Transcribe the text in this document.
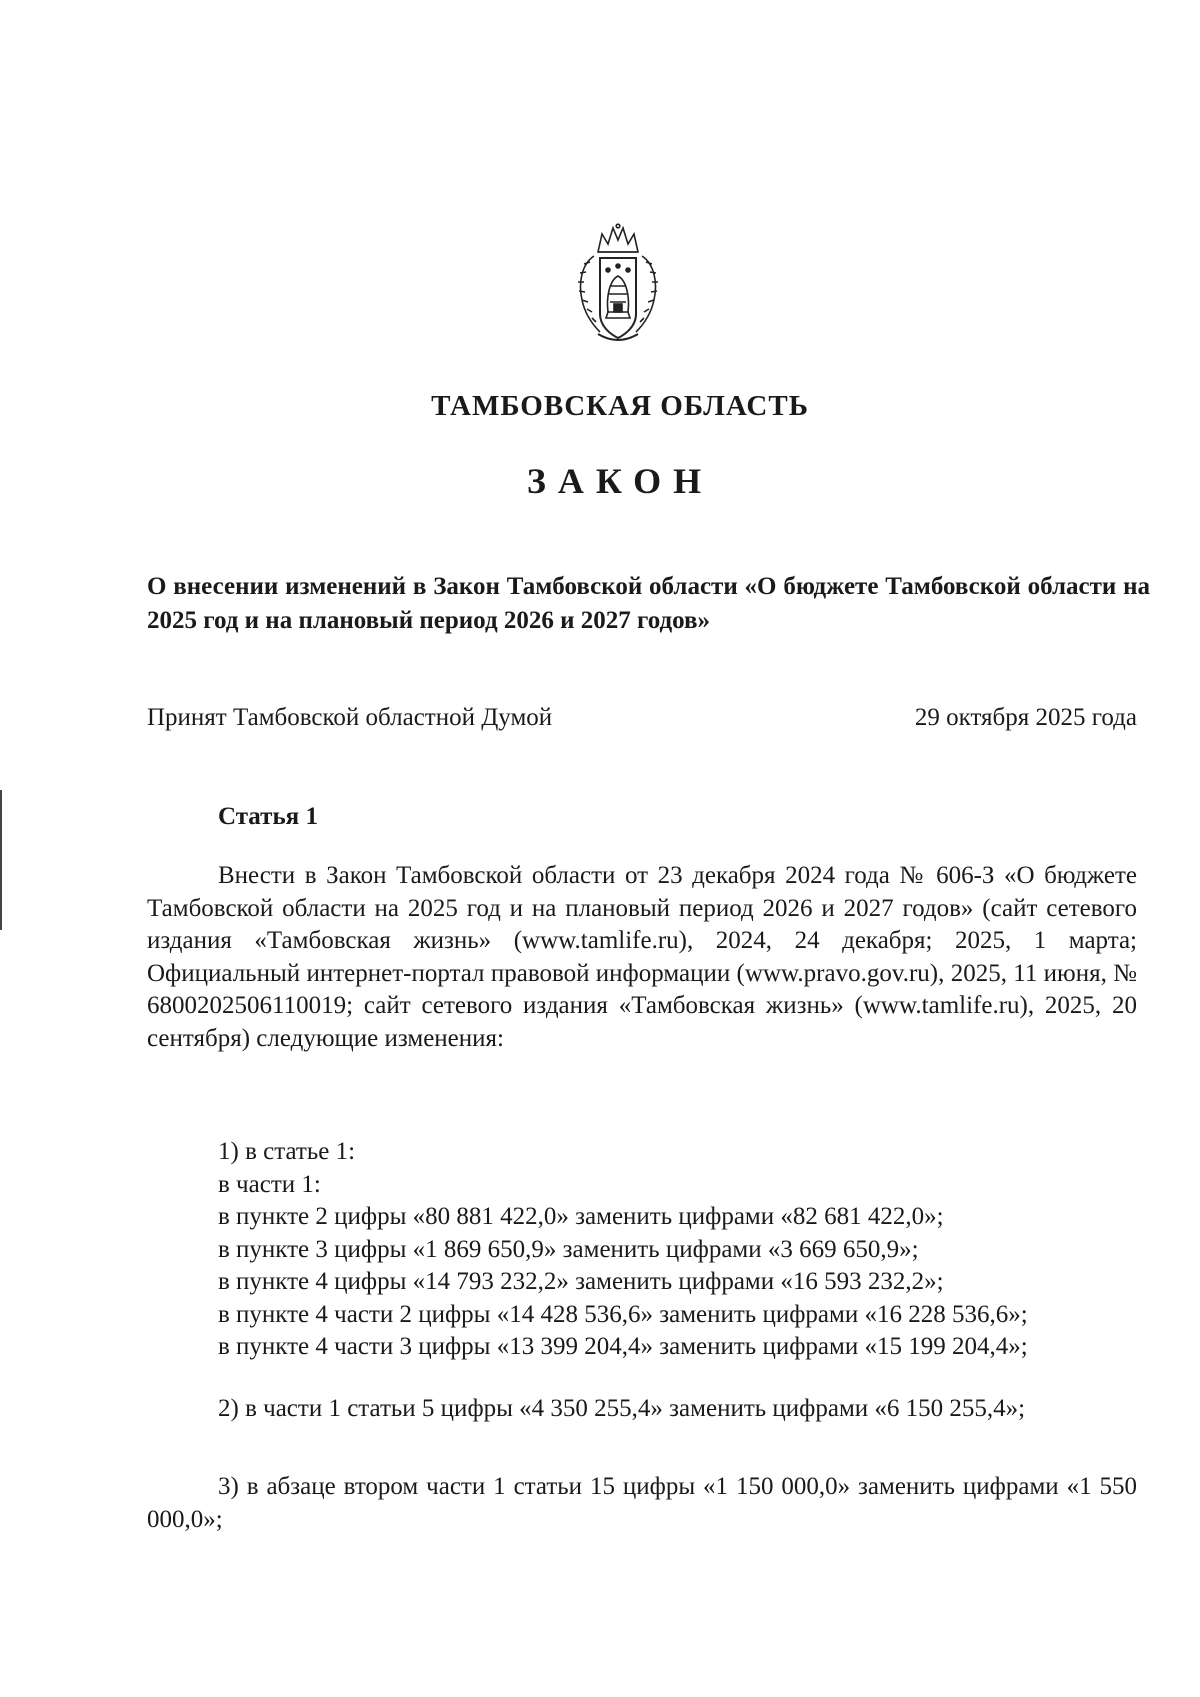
ТАМБОВСКАЯ ОБЛАСТЬ
ЗАКОН
О внесении изменений в Закон Тамбовской области «О бюджете Тамбовской области на 2025 год и на плановый период 2026 и 2027 годов»
Принят Тамбовской областной Думой	29 октября 2025 года
Статья 1
Внести в Закон Тамбовской области от 23 декабря 2024 года № 606-З «О бюджете Тамбовской области на 2025 год и на плановый период 2026 и 2027 годов» (сайт сетевого издания «Тамбовская жизнь» (www.tamlife.ru), 2024, 24 декабря; 2025, 1 марта; Официальный интернет-портал правовой информации (www.pravo.gov.ru), 2025, 11 июня, № 6800202506110019; сайт сетевого издания «Тамбовская жизнь» (www.tamlife.ru), 2025, 20 сентября) следующие изменения:
1) в статье 1:
в части 1:
в пункте 2 цифры «80 881 422,0» заменить цифрами «82 681 422,0»;
в пункте 3 цифры «1 869 650,9» заменить цифрами «3 669 650,9»;
в пункте 4 цифры «14 793 232,2» заменить цифрами «16 593 232,2»;
в пункте 4 части 2 цифры «14 428 536,6» заменить цифрами «16 228 536,6»;
в пункте 4 части 3 цифры «13 399 204,4» заменить цифрами «15 199 204,4»;
2) в части 1 статьи 5 цифры «4 350 255,4» заменить цифрами «6 150 255,4»;
3) в абзаце втором части 1 статьи 15 цифры «1 150 000,0» заменить цифрами «1 550 000,0»;
